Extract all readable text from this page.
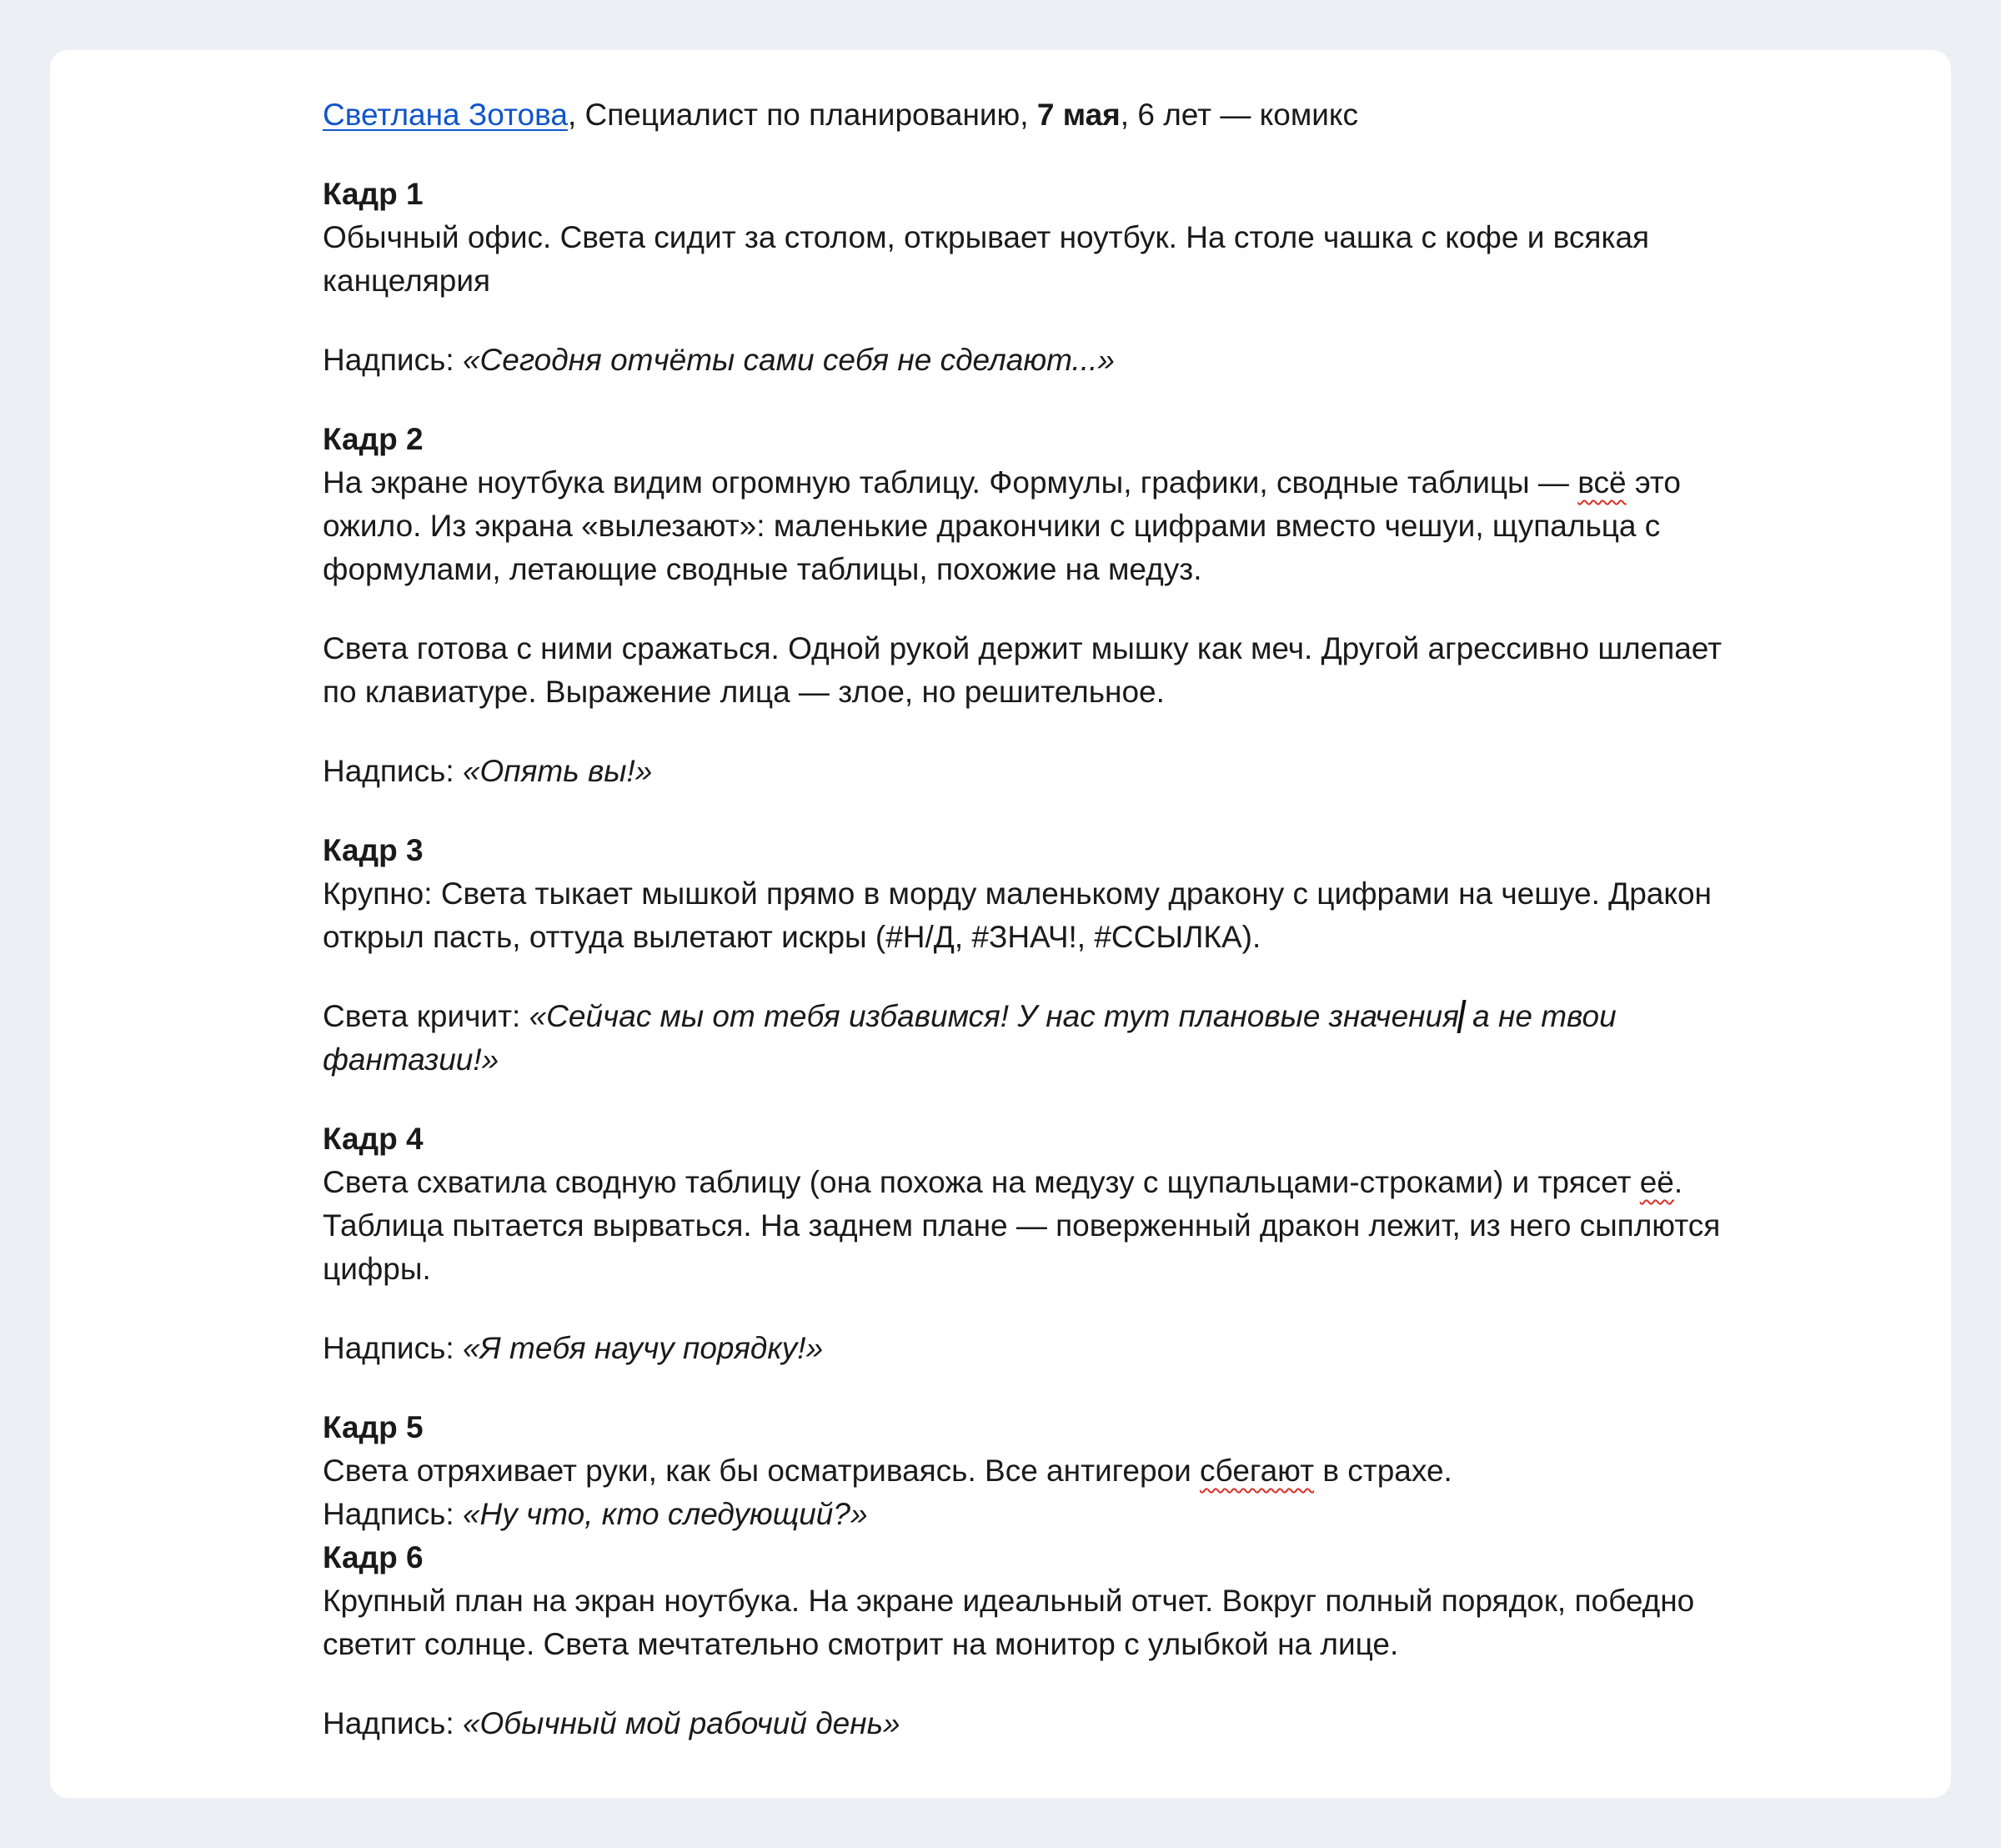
Светлана Зотова, Специалист по планированию, 7 мая, 6 лет — комикс

Кадр 1

Обычный офис. Света сидит за столом, открывает ноутбук. На столе чашка с кофе и всякая канцелярия

Надпись: «Сегодня отчёты сами себя не сделают...»

Кадр 2

На экране ноутбука видим огромную таблицу. Формулы, графики, сводные таблицы — всё это ожило. Из экрана «вылезают»: маленькие дракончики с цифрами вместо чешуи, щупальца с формулами, летающие сводные таблицы, похожие на медуз.

Света готова с ними сражаться. Одной рукой держит мышку как меч. Другой агрессивно шлепает по клавиатуре. Выражение лица — злое, но решительное.

Надпись: «Опять вы!»

Кадр 3

Крупно: Света тыкает мышкой прямо в морду маленькому дракону с цифрами на чешуе. Дракон открыл пасть, оттуда вылетают искры (#Н/Д, #ЗНАЧ!, #ССЫЛКА).

Света кричит: «Сейчас мы от тебя избавимся! У нас тут плановые значения а не твои фантазии!»

Кадр 4

Света схватила сводную таблицу (она похожа на медузу с щупальцами-строками) и трясет её. Таблица пытается вырваться. На заднем плане — поверженный дракон лежит, из него сыплются цифры.

Надпись: «Я тебя научу порядку!»

Кадр 5

Света отряхивает руки, как бы осматриваясь. Все антигерои сбегают в страхе.

Надпись: «Ну что, кто следующий?»

Кадр 6

Крупный план на экран ноутбука. На экране идеальный отчет. Вокруг полный порядок, победно светит солнце. Света мечтательно смотрит на монитор с улыбкой на лице.

Надпись: «Обычный мой рабочий день»
